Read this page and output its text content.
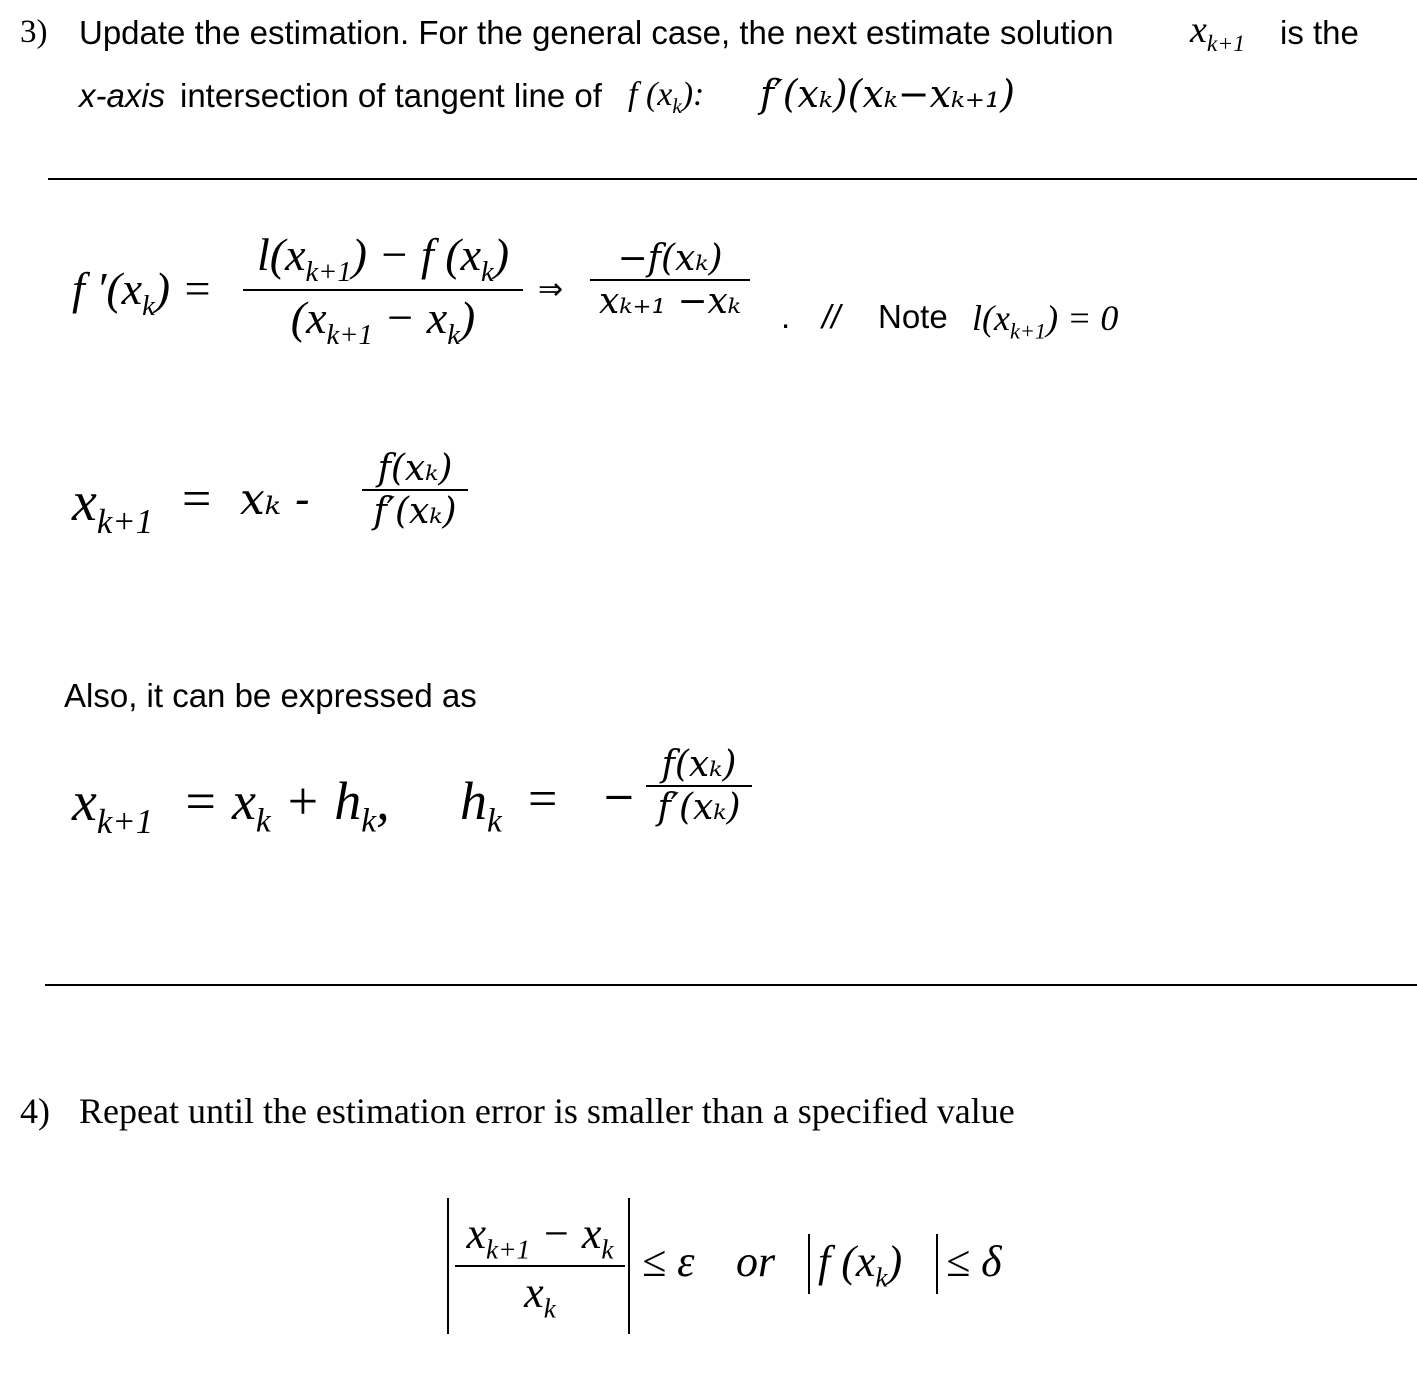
3) Update the estimation. For the general case, the next estimate solution $x_{k+1}$ is the
x-axis intersection of tangent line of f $(x_k)$: f′(xₖ)(xₖ−xₖ₊₁)
f $'(x_k)$ =
$l(x_{k+1}) - f$ $(x_k)$
$(x_{k+1} - x_k)$
⇒
−f(xₖ)
xₖ₊₁ −xₖ . // Note $l(x_{k+1}) = 0$
$x_{k+1} = x_k$ -
f(xₖ)
f′(xₖ)
Also, it can be expressed as
$x_{k+1} = x_k + h_k$, $h_k$ = −
f(xₖ)
f′(xₖ)
4) Repeat until the estimation error is smaller than a specified value
$x_{k+1} - x_k$
$x_k$
≤ ε or f $(x_k) \le \delta$
